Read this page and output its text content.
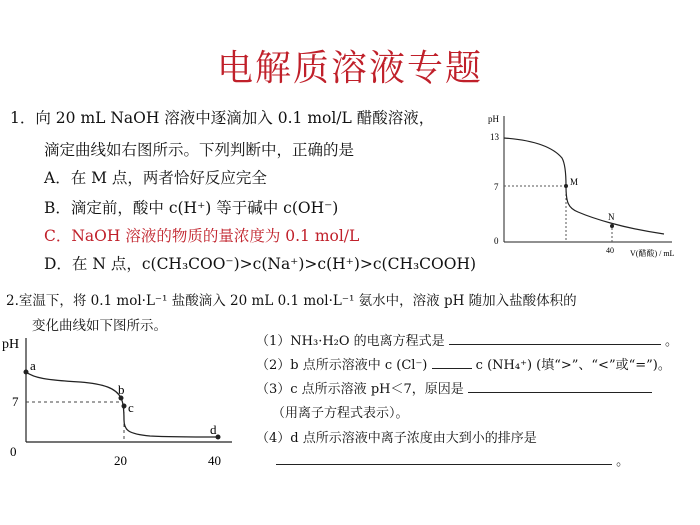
电解质溶液专题
1．向 20 mL NaOH 溶液中逐滴加入 0.1 mol/L 醋酸溶液，
滴定曲线如右图所示。下列判断中，正确的是
A．在 M 点，两者恰好反应完全
B．滴定前，酸中 c(H⁺) 等于碱中 c(OH⁻)
C．NaOH 溶液的物质的量浓度为 0.1 mol/L
D．在 N 点，c(CH₃COO⁻)>c(Na⁺)>c(H⁺)>c(CH₃COOH)
pH
13
7
0
M
N
40 V(醋酸) / mL
2.室温下，将 0.1 mol·L⁻¹ 盐酸滴入 20 mL 0.1 mol·L⁻¹ 氨水中，溶液 pH 随加入盐酸体积的
变化曲线如下图所示。
（1）NH₃·H₂O 的电离方程式是	。
（2）b 点所示溶液中 c (Cl⁻)	c (NH₄⁺) (填“>”、“<”或“=”)。
（3）c 点所示溶液 pH＜7，原因是
（用离子方程式表示）。
（4）d 点所示溶液中离子浓度由大到小的排序是
。
pH
7
0
a
b
c
d
20	40
